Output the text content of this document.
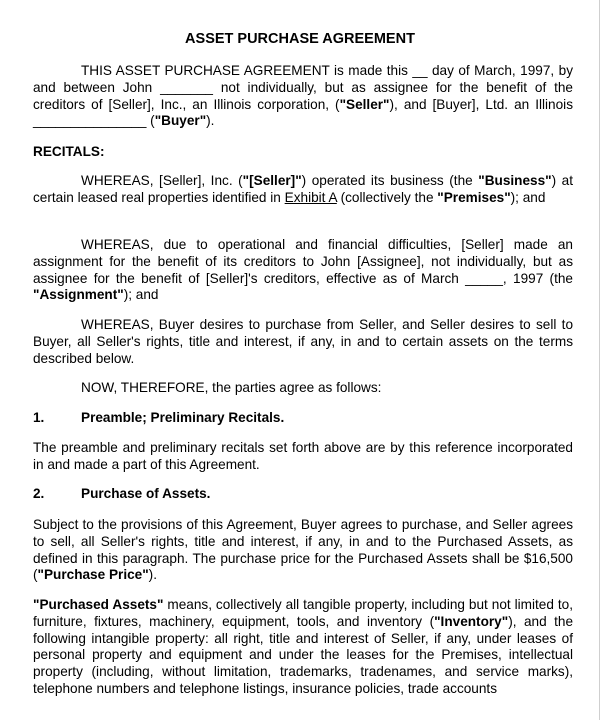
ASSET PURCHASE AGREEMENT

THIS ASSET PURCHASE AGREEMENT is made this __ day of March, 1997, by and between John _______ not individually, but as assignee for the benefit of the creditors of [Seller], Inc., an Illinois corporation, ("Seller"), and [Buyer], Ltd. an Illinois _______________ ("Buyer").

RECITALS:

WHEREAS, [Seller], Inc. ("[Seller]") operated its business (the "Business") at certain leased real properties identified in Exhibit A (collectively the "Premises"); and

WHEREAS, due to operational and financial difficulties, [Seller] made an assignment for the benefit of its creditors to John [Assignee], not individually, but as assignee for the benefit of [Seller]'s creditors, effective as of March _____, 1997 (the "Assignment"); and

WHEREAS, Buyer desires to purchase from Seller, and Seller desires to sell to Buyer, all Seller's rights, title and interest, if any, in and to certain assets on the terms described below.

NOW, THEREFORE, the parties agree as follows:

1.	Preamble; Preliminary Recitals.

The preamble and preliminary recitals set forth above are by this reference incorporated in and made a part of this Agreement.

2.	Purchase of Assets.

Subject to the provisions of this Agreement, Buyer agrees to purchase, and Seller agrees to sell, all Seller's rights, title and interest, if any, in and to the Purchased Assets, as defined in this paragraph. The purchase price for the Purchased Assets shall be $16,500 ("Purchase Price").

"Purchased Assets" means, collectively all tangible property, including but not limited to, furniture, fixtures, machinery, equipment, tools, and inventory ("Inventory"), and the following intangible property: all right, title and interest of Seller, if any, under leases of personal property and equipment and under the leases for the Premises, intellectual property (including, without limitation, trademarks, tradenames, and service marks), telephone numbers and telephone listings, insurance policies, trade accounts
